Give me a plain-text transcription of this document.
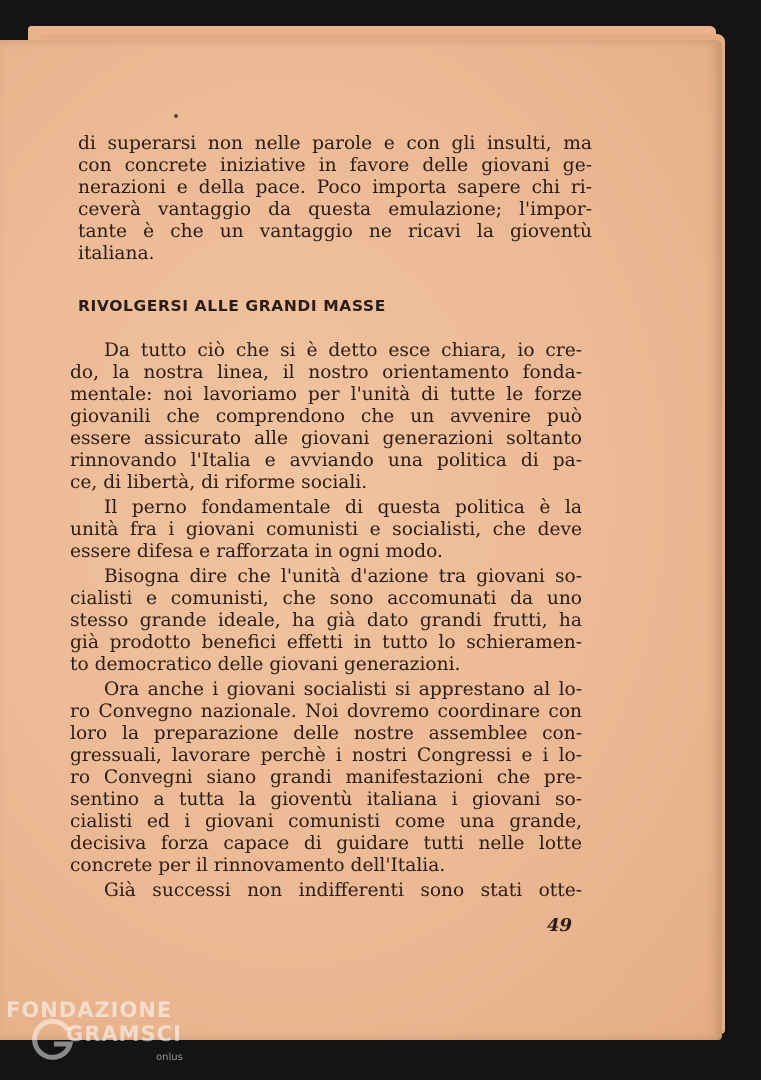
di superarsi non nelle parole e con gli insulti, ma
con concrete iniziative in favore delle giovani ge-
nerazioni e della pace. Poco importa sapere chi ri-
ceverà vantaggio da questa emulazione; l'impor-
tante è che un vantaggio ne ricavi la gioventù
italiana.
RIVOLGERSI ALLE GRANDI MASSE
Da tutto ciò che si è detto esce chiara, io cre-
do, la nostra linea, il nostro orientamento fonda-
mentale: noi lavoriamo per l'unità di tutte le forze
giovanili che comprendono che un avvenire può
essere assicurato alle giovani generazioni soltanto
rinnovando l'Italia e avviando una politica di pa-
ce, di libertà, di riforme sociali.
Il perno fondamentale di questa politica è la
unità fra i giovani comunisti e socialisti, che deve
essere difesa e rafforzata in ogni modo.
Bisogna dire che l'unità d'azione tra giovani so-
cialisti e comunisti, che sono accomunati da uno
stesso grande ideale, ha già dato grandi frutti, ha
già prodotto benefici effetti in tutto lo schieramen-
to democratico delle giovani generazioni.
Ora anche i giovani socialisti si apprestano al lo-
ro Convegno nazionale. Noi dovremo coordinare con
loro la preparazione delle nostre assemblee con-
gressuali, lavorare perchè i nostri Congressi e i lo-
ro Convegni siano grandi manifestazioni che pre-
sentino a tutta la gioventù italiana i giovani so-
cialisti ed i giovani comunisti come una grande,
decisiva forza capace di guidare tutti nelle lotte
concrete per il rinnovamento dell'Italia.
Già successi non indifferenti sono stati otte-
49
FONDAZIONE
GRAMSCI
onlus
